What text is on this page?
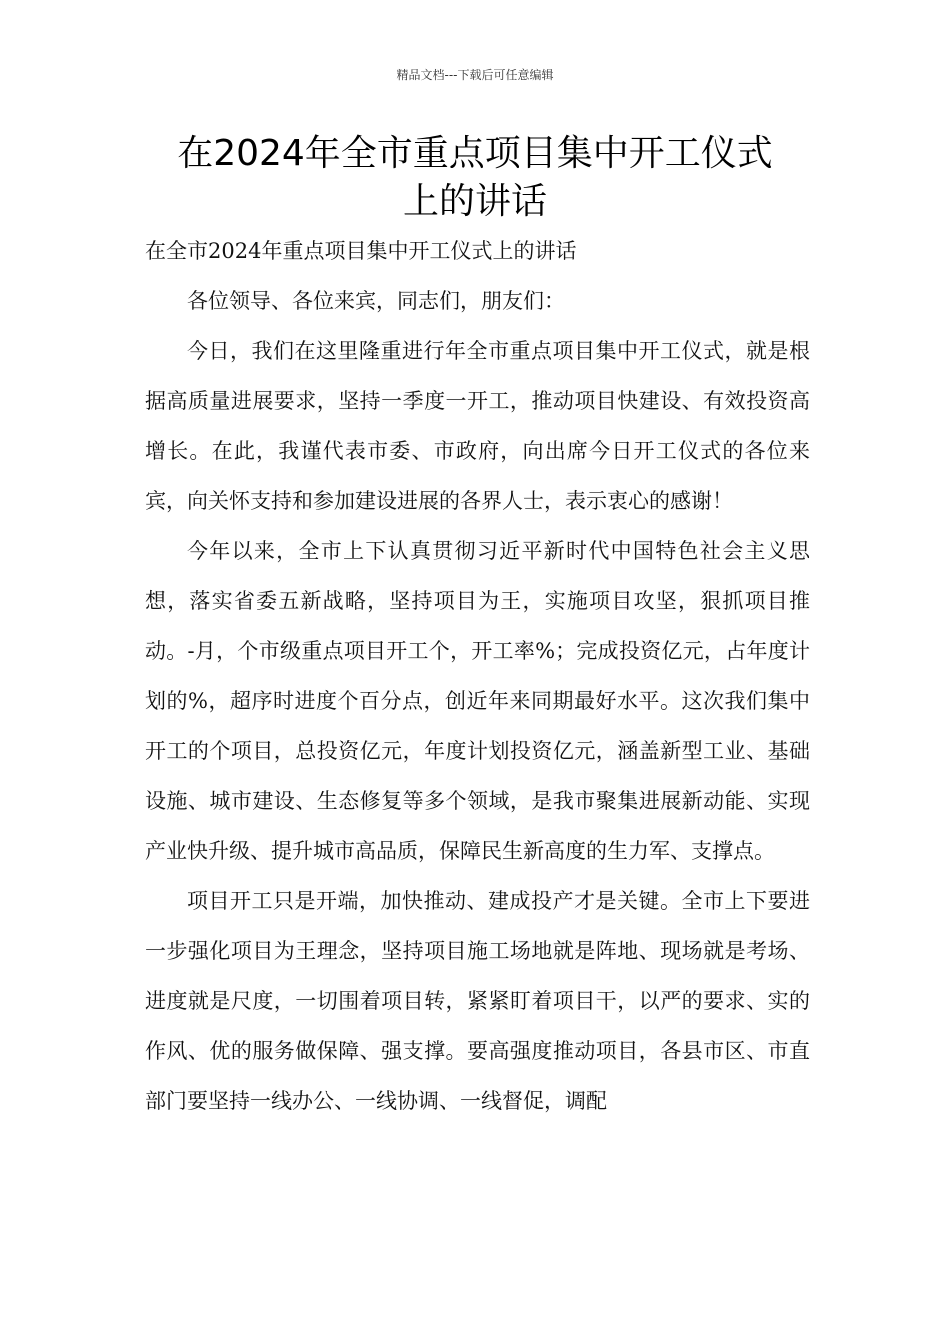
精品文档---下载后可任意编辑
在2024年全市重点项目集中开工仪式
上的讲话

在全市2024年重点项目集中开工仪式上的讲话

各位领导、各位来宾，同志们，朋友们：

今日，我们在这里隆重进行年全市重点项目集中开工仪式，就是根据高质量进展要求，坚持一季度一开工，推动项目快建设、有效投资高增长。在此，我谨代表市委、市政府，向出席今日开工仪式的各位来宾，向关怀支持和参加建设进展的各界人士，表示衷心的感谢！

今年以来，全市上下认真贯彻习近平新时代中国特色社会主义思想，落实省委五新战略，坚持项目为王，实施项目攻坚，狠抓项目推动。-月，个市级重点项目开工个，开工率%；完成投资亿元，占年度计划的%，超序时进度个百分点，创近年来同期最好水平。这次我们集中开工的个项目，总投资亿元，年度计划投资亿元，涵盖新型工业、基础设施、城市建设、生态修复等多个领域，是我市聚集进展新动能、实现产业快升级、提升城市高品质，保障民生新高度的生力军、支撑点。

项目开工只是开端，加快推动、建成投产才是关键。全市上下要进一步强化项目为王理念，坚持项目施工场地就是阵地、现场就是考场、进度就是尺度，一切围着项目转，紧紧盯着项目干，以严的要求、实的作风、优的服务做保障、强支撑。要高强度推动项目，各县市区、市直部门要坚持一线办公、一线协调、一线督促，调配
